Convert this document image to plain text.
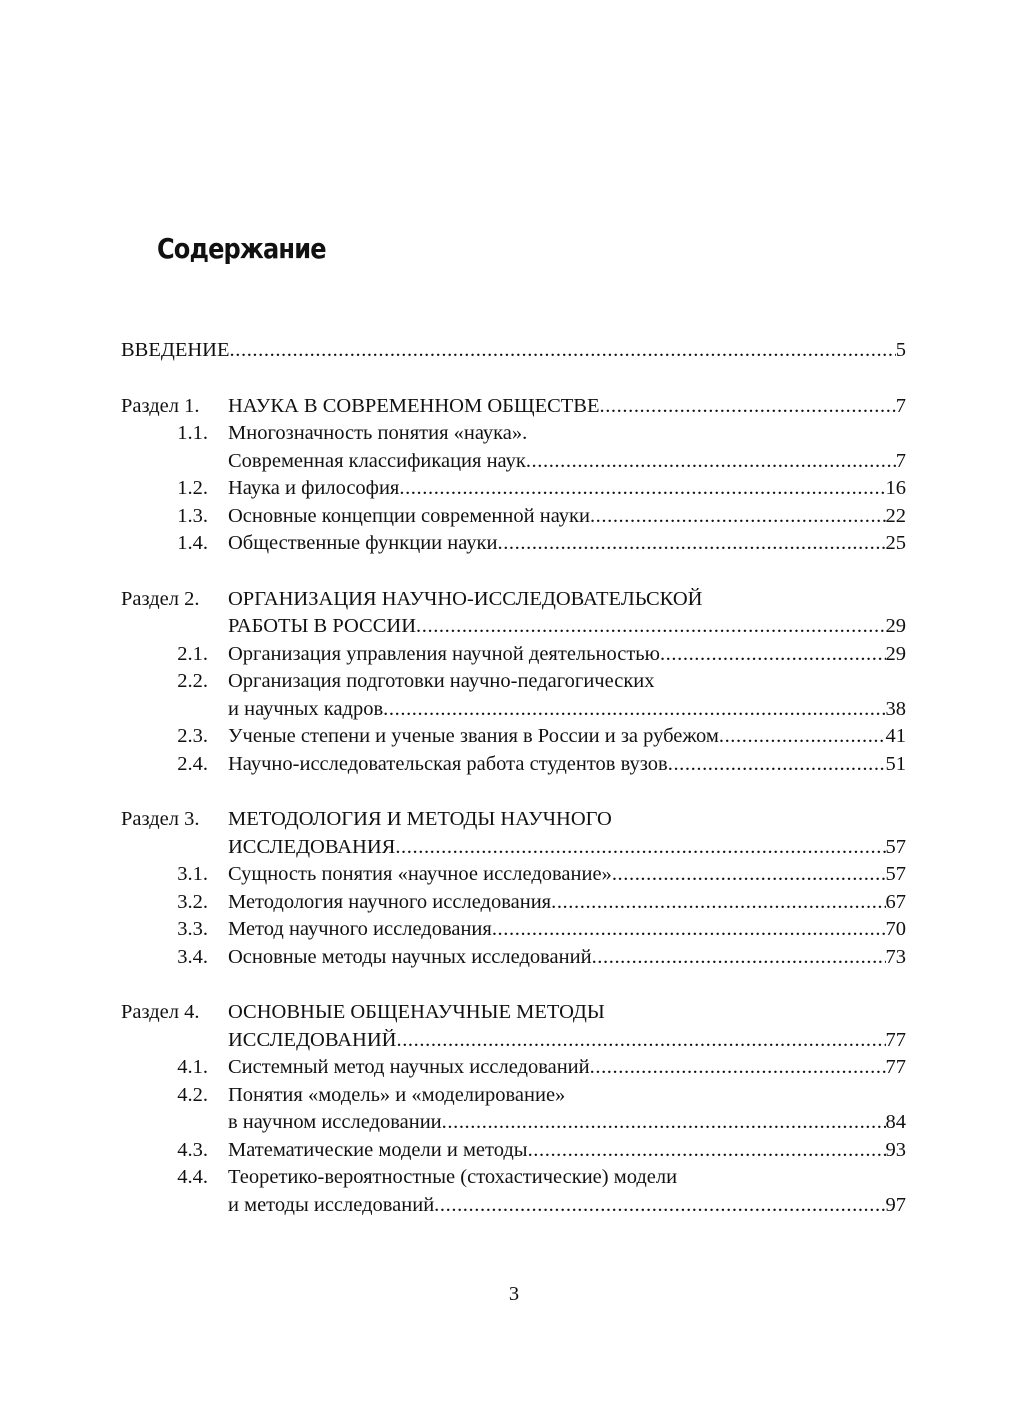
Содержание
ВВЕДЕНИЕ .....	5
Раздел 1. НАУКА В СОВРЕМЕННОМ ОБЩЕСТВЕ .....	7
1.1. Многозначность понятия «наука».
Современная классификация наук .....	7
1.2. Наука и философия .....	16
1.3. Основные концепции современной науки .....	22
1.4. Общественные функции науки .....	25
Раздел 2. ОРГАНИЗАЦИЯ НАУЧНО-ИССЛЕДОВАТЕЛЬСКОЙ
РАБОТЫ В РОССИИ .....	29
2.1. Организация управления научной деятельностью .....	29
2.2. Организация подготовки научно-педагогических
и научных кадров .....	38
2.3. Ученые степени и ученые звания в России и за рубежом .....	41
2.4. Научно-исследовательская работа студентов вузов .....	51
Раздел 3. МЕТОДОЛОГИЯ И МЕТОДЫ НАУЧНОГО
ИССЛЕДОВАНИЯ .....	57
3.1. Сущность понятия «научное исследование» .....	57
3.2. Методология научного исследования .....	67
3.3. Метод научного исследования .....	70
3.4. Основные методы научных исследований .....	73
Раздел 4. ОСНОВНЫЕ ОБЩЕНАУЧНЫЕ МЕТОДЫ
ИССЛЕДОВАНИЙ .....	77
4.1. Системный метод научных исследований .....	77
4.2. Понятия «модель» и «моделирование»
в научном исследовании .....	84
4.3. Математические модели и методы .....	93
4.4. Теоретико-вероятностные (стохастические) модели
и методы исследований .....	97
3
